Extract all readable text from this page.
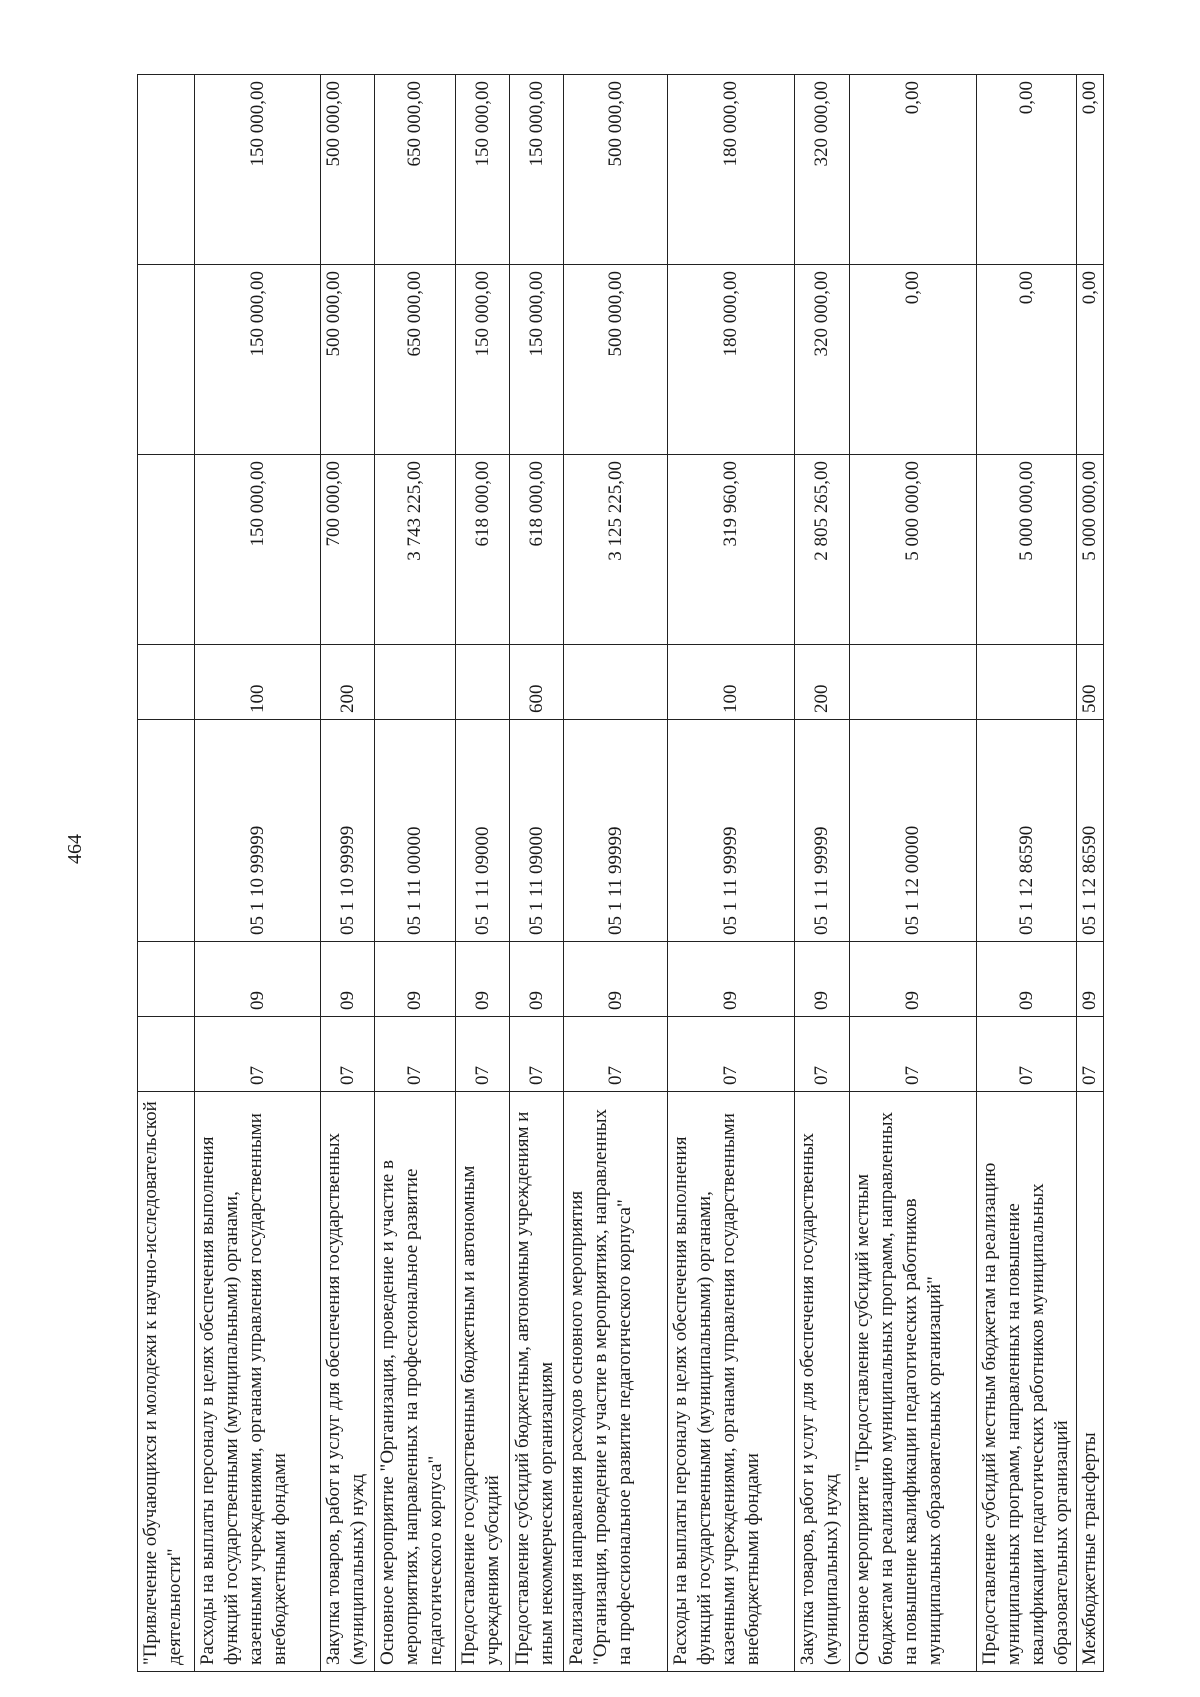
464
"Привлечение обучающихся и молодежи к научно-исследовательской деятельности"							
Расходы на выплаты персоналу в целях обеспечения выполнения функций государственными (муниципальными) органами, казенными учреждениями, органами управления государственными внебюджетными фондами	07	09	05 1 10 99999	100	150 000,00	150 000,00	150 000,00
Закупка товаров, работ и услуг для обеспечения государственных (муниципальных) нужд	07	09	05 1 10 99999	200	700 000,00	500 000,00	500 000,00
Основное мероприятие "Организация, проведение и участие в мероприятиях, направленных на профессиональное развитие педагогического корпуса"	07	09	05 1 11 00000		3 743 225,00	650 000,00	650 000,00
Предоставление государственным бюджетным и автономным учреждениям субсидий	07	09	05 1 11 09000		618 000,00	150 000,00	150 000,00
Предоставление субсидий бюджетным, автономным учреждениям и иным некоммерческим организациям	07	09	05 1 11 09000	600	618 000,00	150 000,00	150 000,00
Реализация направления расходов основного мероприятия "Организация, проведение и участие в мероприятиях, направленных на профессиональное развитие педагогического корпуса"	07	09	05 1 11 99999		3 125 225,00	500 000,00	500 000,00
Расходы на выплаты персоналу в целях обеспечения выполнения функций государственными (муниципальными) органами, казенными учреждениями, органами управления государственными внебюджетными фондами	07	09	05 1 11 99999	100	319 960,00	180 000,00	180 000,00
Закупка товаров, работ и услуг для обеспечения государственных (муниципальных) нужд	07	09	05 1 11 99999	200	2 805 265,00	320 000,00	320 000,00
Основное мероприятие "Предоставление субсидий местным бюджетам на реализацию муниципальных программ, направленных на повышение квалификации педагогических работников муниципальных образовательных организаций"	07	09	05 1 12 00000		5 000 000,00	0,00	0,00
Предоставление субсидий местным бюджетам на реализацию муниципальных программ, направленных на повышение квалификации педагогических работников муниципальных образовательных организаций	07	09	05 1 12 86590		5 000 000,00	0,00	0,00
Межбюджетные трансферты	07	09	05 1 12 86590	500	5 000 000,00	0,00	0,00
